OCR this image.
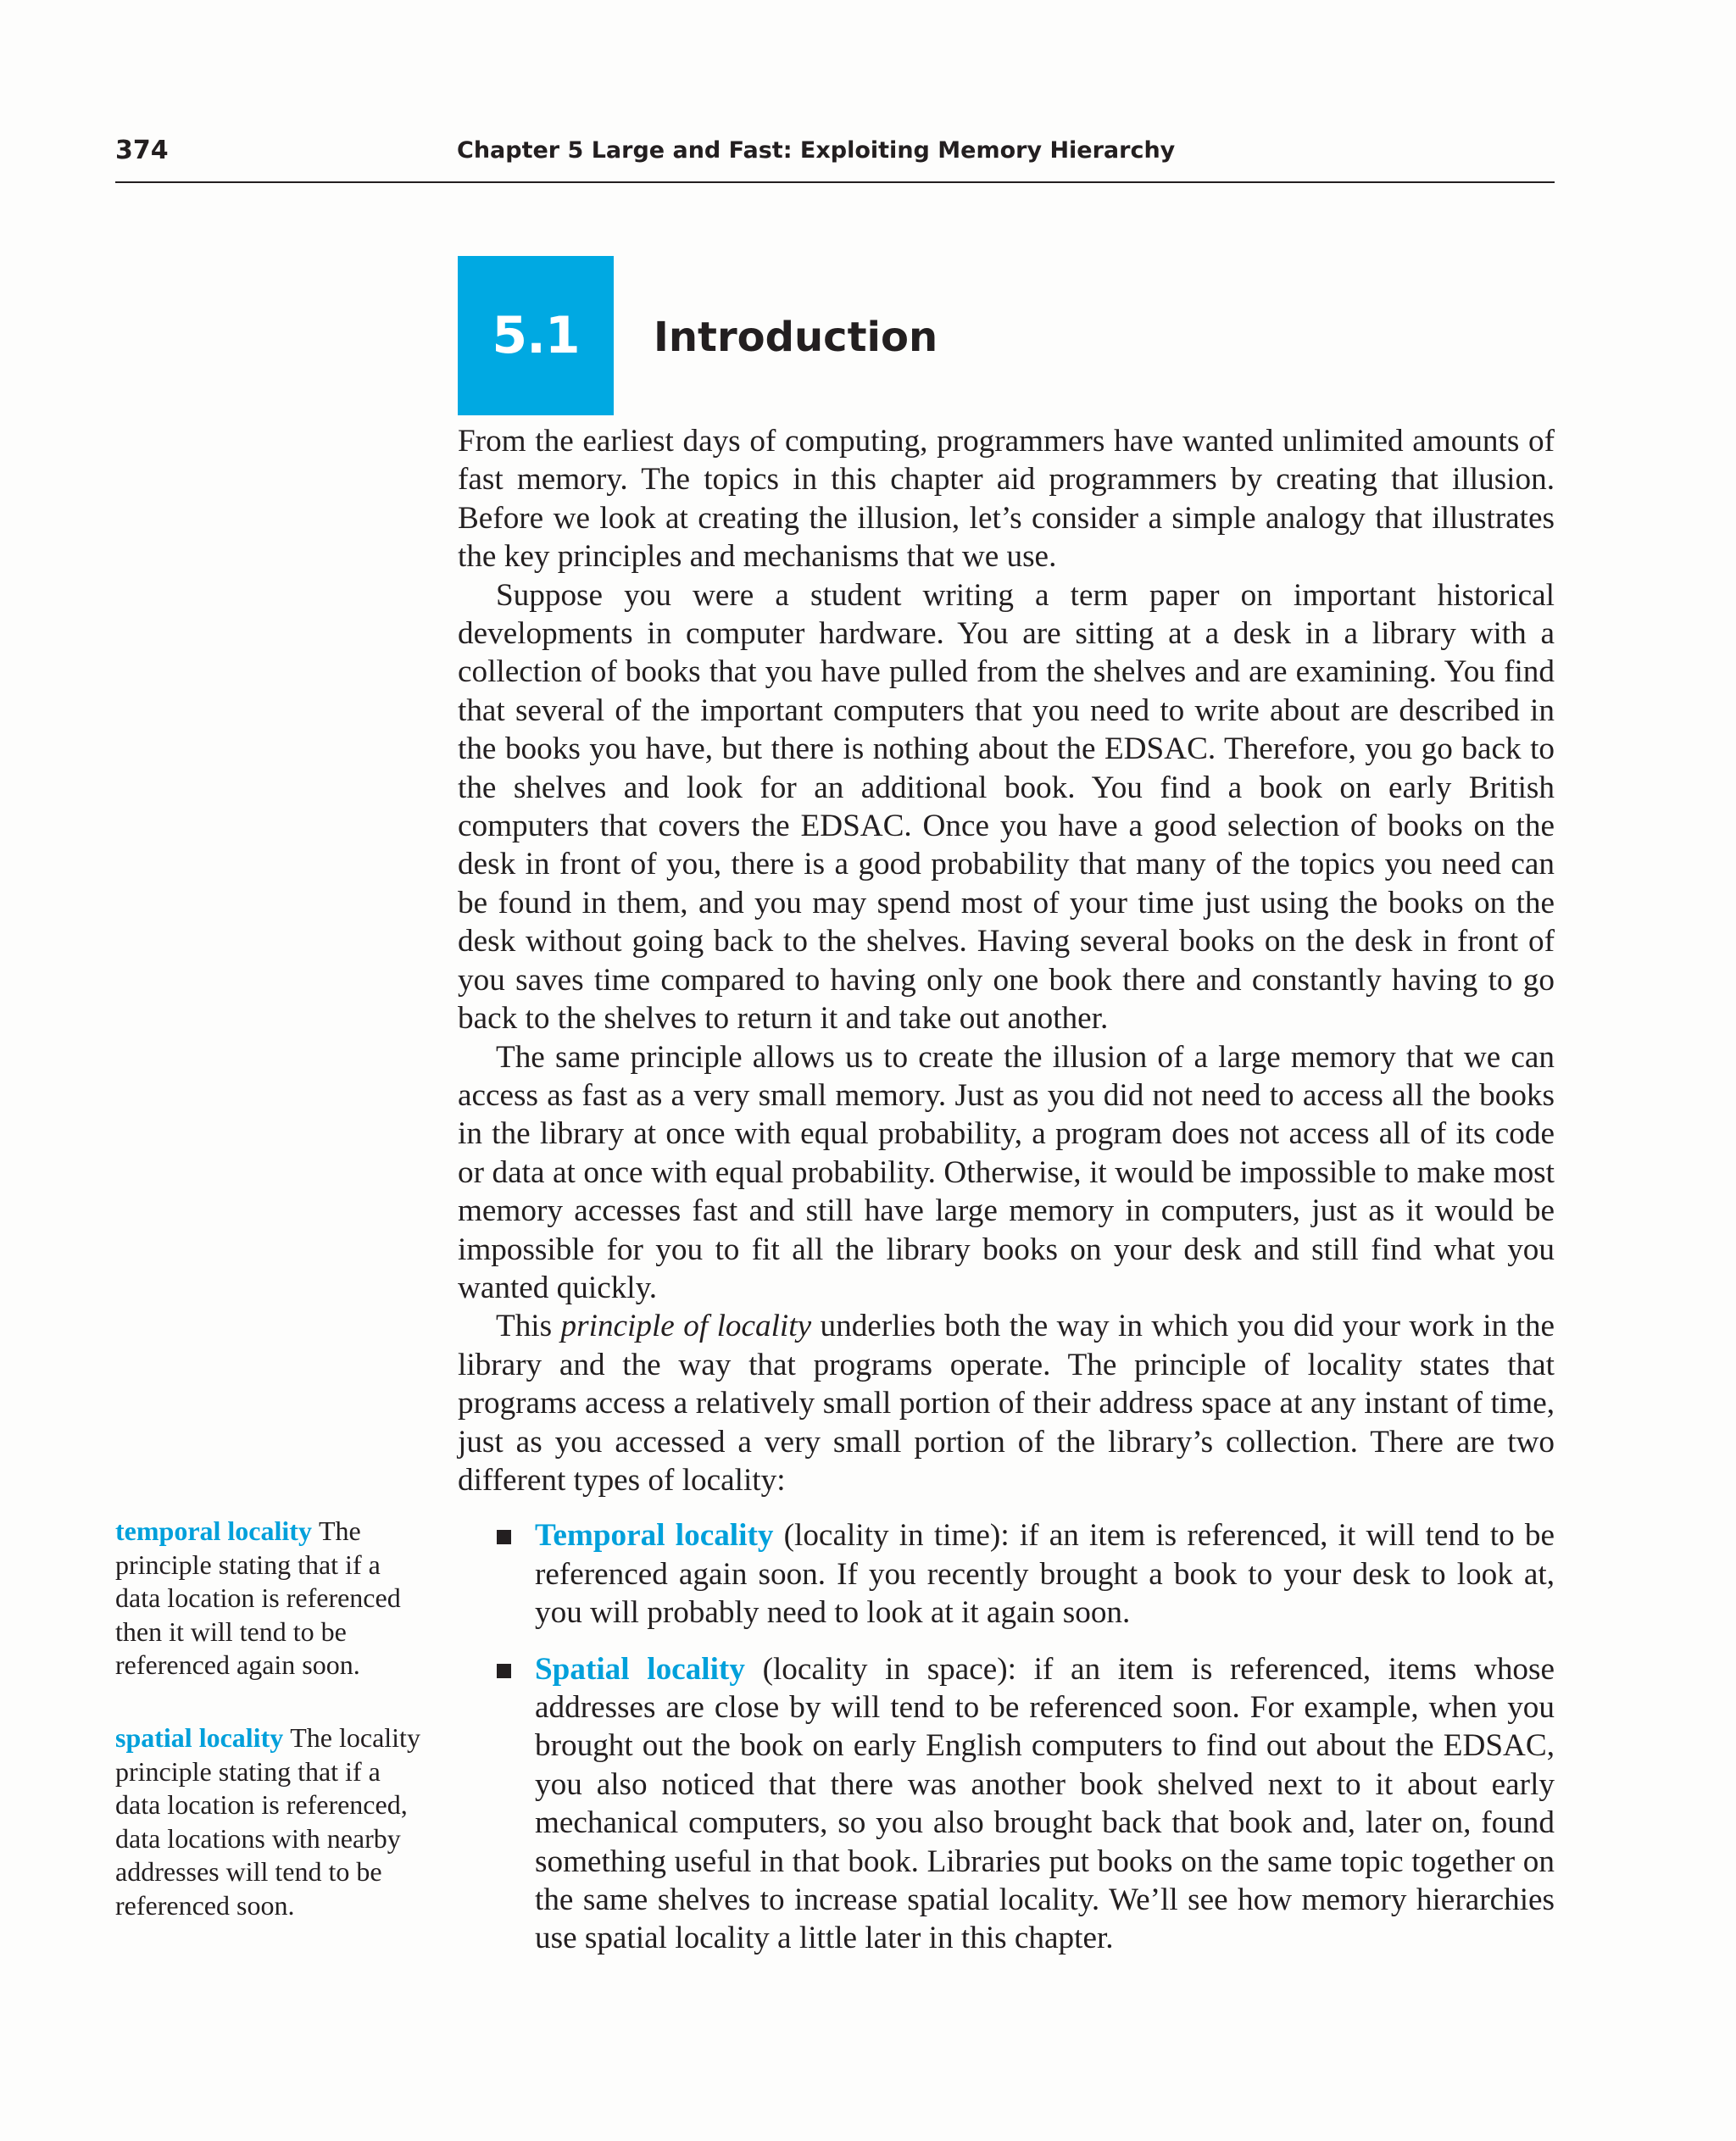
374	Chapter 5 Large and Fast: Exploiting Memory Hierarchy
5.1 Introduction

From the earliest days of computing, programmers have wanted unlimited amounts of fast memory. The topics in this chapter aid programmers by creating that illusion. Before we look at creating the illusion, let’s consider a simple analogy that illustrates the key principles and mechanisms that we use.

Suppose you were a student writing a term paper on important historical developments in computer hardware. You are sitting at a desk in a library with a collection of books that you have pulled from the shelves and are examining. You find that several of the important computers that you need to write about are described in the books you have, but there is nothing about the EDSAC. Therefore, you go back to the shelves and look for an additional book. You find a book on early British computers that covers the EDSAC. Once you have a good selection of books on the desk in front of you, there is a good probability that many of the topics you need can be found in them, and you may spend most of your time just using the books on the desk without going back to the shelves. Having several books on the desk in front of you saves time compared to having only one book there and constantly having to go back to the shelves to return it and take out another.

The same principle allows us to create the illusion of a large memory that we can access as fast as a very small memory. Just as you did not need to access all the books in the library at once with equal probability, a program does not access all of its code or data at once with equal probability. Otherwise, it would be impossible to make most memory accesses fast and still have large memory in computers, just as it would be impossible for you to fit all the library books on your desk and still find what you wanted quickly.

This principle of locality underlies both the way in which you did your work in the library and the way that programs operate. The principle of locality states that programs access a relatively small portion of their address space at any instant of time, just as you accessed a very small portion of the library’s collection. There are two different types of locality:

Temporal locality (locality in time): if an item is referenced, it will tend to be referenced again soon. If you recently brought a book to your desk to look at, you will probably need to look at it again soon.
Spatial locality (locality in space): if an item is referenced, items whose addresses are close by will tend to be referenced soon. For example, when you brought out the book on early English computers to find out about the EDSAC, you also noticed that there was another book shelved next to it about early mechanical computers, so you also brought back that book and, later on, found something useful in that book. Libraries put books on the same topic together on the same shelves to increase spatial locality. We’ll see how memory hierarchies use spatial locality a little later in this chapter.
temporal locality The principle stating that if a data location is referenced then it will tend to be referenced again soon.
spatial locality The locality principle stating that if a data location is referenced, data locations with nearby addresses will tend to be referenced soon.
